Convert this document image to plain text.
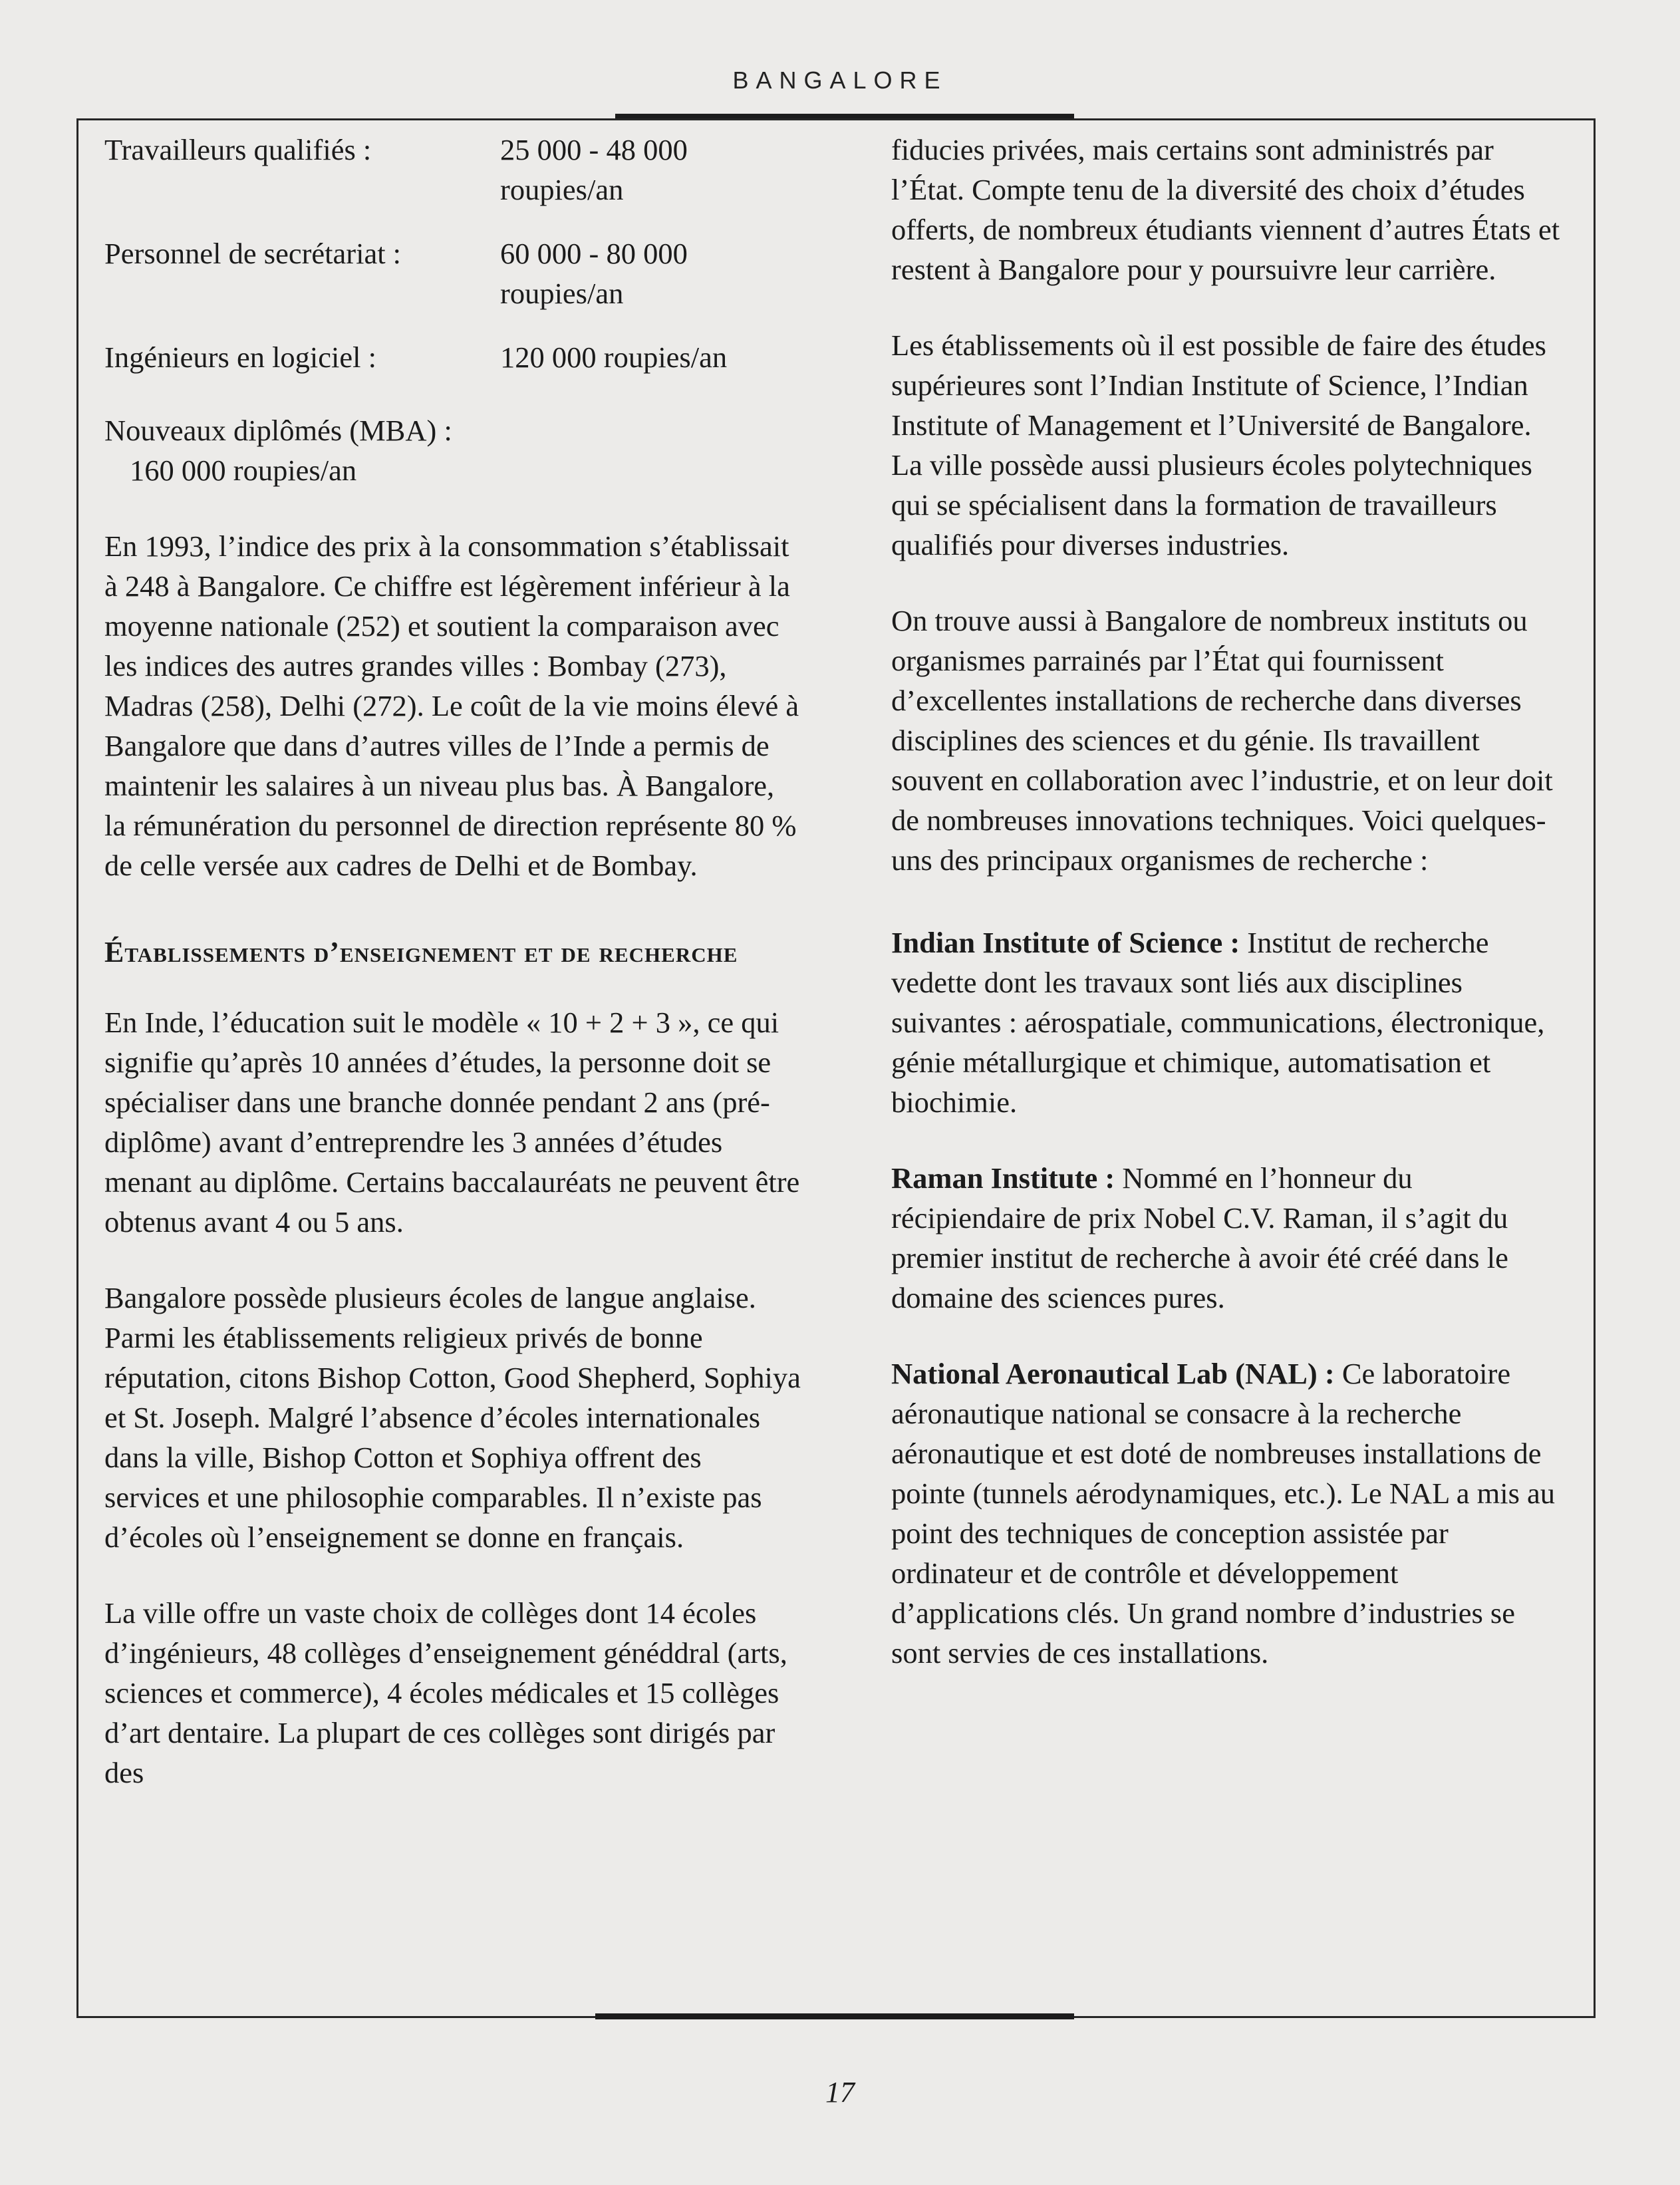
BANGALORE
Travailleurs qualifiés :	25 000 - 48 000 roupies/an
Personnel de secrétariat :	60 000 - 80 000 roupies/an
Ingénieurs en logiciel :	120 000 roupies/an
Nouveaux diplômés (MBA) :
160 000 roupies/an

En 1993, l’indice des prix à la consommation s’établissait à 248 à Bangalore. Ce chiffre est légèrement inférieur à la moyenne nationale (252) et soutient la comparaison avec les indices des autres grandes villes : Bombay (273), Madras (258), Delhi (272). Le coût de la vie moins élevé à Bangalore que dans d’autres villes de l’Inde a permis de maintenir les salaires à un niveau plus bas. À Bangalore, la rémunération du personnel de direction représente 80 % de celle versée aux cadres de Delhi et de Bombay.

Établissements d’enseignement et de recherche

En Inde, l’éducation suit le modèle « 10 + 2 + 3 », ce qui signifie qu’après 10 années d’études, la personne doit se spécialiser dans une branche donnée pendant 2 ans (pré-diplôme) avant d’entreprendre les 3 années d’études menant au diplôme. Certains baccalauréats ne peuvent être obtenus avant 4 ou 5 ans.

Bangalore possède plusieurs écoles de langue anglaise. Parmi les établissements religieux privés de bonne réputation, citons Bishop Cotton, Good Shepherd, Sophiya et St. Joseph. Malgré l’absence d’écoles internationales dans la ville, Bishop Cotton et Sophiya offrent des services et une philosophie comparables. Il n’existe pas d’écoles où l’enseignement se donne en français.

La ville offre un vaste choix de collèges dont 14 écoles d’ingénieurs, 48 collèges d’enseignement généddral (arts, sciences et commerce), 4 écoles médicales et 15 collèges d’art dentaire. La plupart de ces collèges sont dirigés par des

fiducies privées, mais certains sont administrés par l’État. Compte tenu de la diversité des choix d’études offerts, de nombreux étudiants viennent d’autres États et restent à Bangalore pour y poursuivre leur carrière.

Les établissements où il est possible de faire des études supérieures sont l’Indian Institute of Science, l’Indian Institute of Management et l’Université de Bangalore. La ville possède aussi plusieurs écoles polytechniques qui se spécialisent dans la formation de travailleurs qualifiés pour diverses industries.

On trouve aussi à Bangalore de nombreux instituts ou organismes parrainés par l’État qui fournissent d’excellentes installations de recherche dans diverses disciplines des sciences et du génie. Ils travaillent souvent en collaboration avec l’industrie, et on leur doit de nombreuses innovations techniques. Voici quelques-uns des principaux organismes de recherche :

Indian Institute of Science : Institut de recherche vedette dont les travaux sont liés aux disciplines suivantes : aérospatiale, communications, électronique, génie métallurgique et chimique, automatisation et biochimie.

Raman Institute : Nommé en l’honneur du récipiendaire de prix Nobel C.V. Raman, il s’agit du premier institut de recherche à avoir été créé dans le domaine des sciences pures.

National Aeronautical Lab (NAL) : Ce laboratoire aéronautique national se consacre à la recherche aéronautique et est doté de nombreuses installations de pointe (tunnels aérodynamiques, etc.). Le NAL a mis au point des techniques de conception assistée par ordinateur et de contrôle et développement d’applications clés. Un grand nombre d’industries se sont servies de ces installations.

17
